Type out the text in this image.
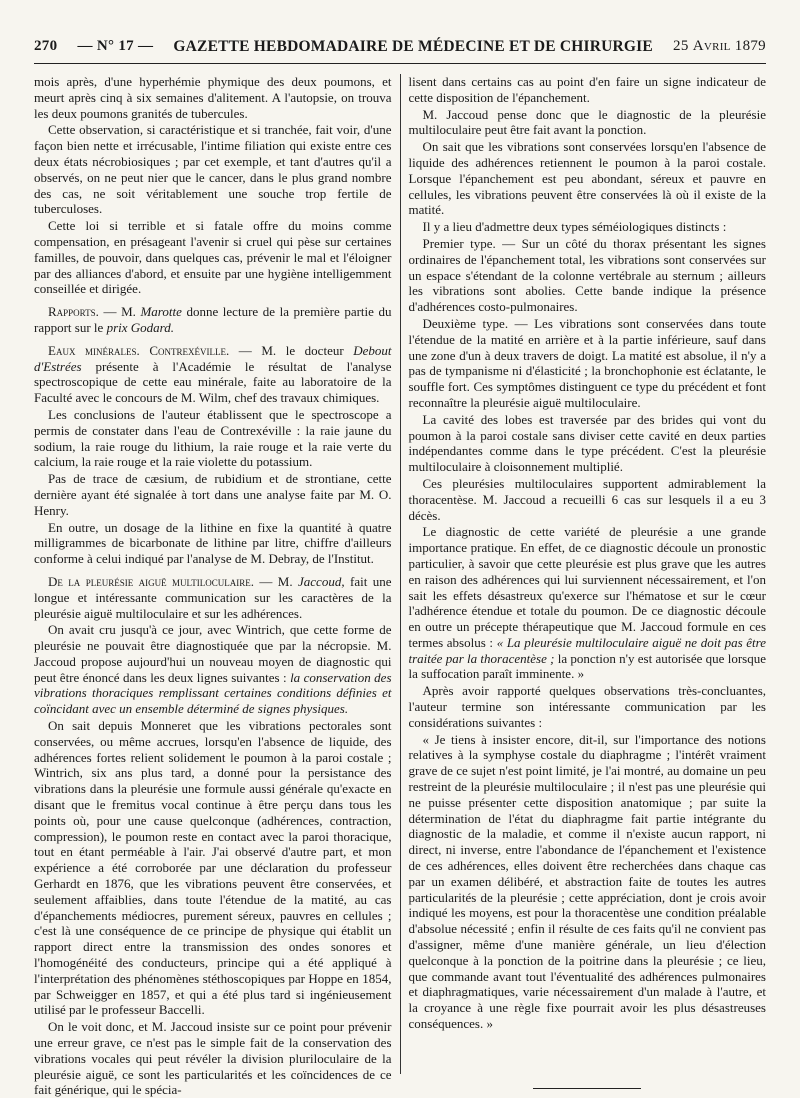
270 — N° 17 — GAZETTE HEBDOMADAIRE DE MÉDECINE ET DE CHIRURGIE 25 Avril 1879

mois après, d'une hyperhémie phymique des deux poumons, et meurt après cinq à six semaines d'alitement. A l'autopsie, on trouva les deux poumons granités de tubercules.

Cette observation, si caractéristique et si tranchée, fait voir, d'une façon bien nette et irrécusable, l'intime filiation qui existe entre ces deux états nécrobiosiques ; par cet exemple, et tant d'autres qu'il a observés, on ne peut nier que le cancer, dans le plus grand nombre des cas, ne soit véritablement une souche trop fertile de tuberculoses.

Cette loi si terrible et si fatale offre du moins comme compensation, en présageant l'avenir si cruel qui pèse sur certaines familles, de pouvoir, dans quelques cas, prévenir le mal et l'éloigner par des alliances d'abord, et ensuite par une hygiène intelligemment conseillée et dirigée.

Rapports. — M. Marotte donne lecture de la première partie du rapport sur le prix Godard.

Eaux minérales. Contrexéville. — M. le docteur Debout d'Estrées présente à l'Académie le résultat de l'analyse spectroscopique de cette eau minérale, faite au laboratoire de la Faculté avec le concours de M. Wilm, chef des travaux chimiques.

Les conclusions de l'auteur établissent que le spectroscope a permis de constater dans l'eau de Contrexéville : la raie jaune du sodium, la raie rouge du lithium, la raie rouge et la raie verte du calcium, la raie rouge et la raie violette du potassium.

Pas de trace de cæsium, de rubidium et de strontiane, cette dernière ayant été signalée à tort dans une analyse faite par M. O. Henry.

En outre, un dosage de la lithine en fixe la quantité à quatre milligrammes de bicarbonate de lithine par litre, chiffre d'ailleurs conforme à celui indiqué par l'analyse de M. Debray, de l'Institut.

De la pleurésie aiguë multiloculaire. — M. Jaccoud, fait une longue et intéressante communication sur les caractères de la pleurésie aiguë multiloculaire et sur les adhérences.

On avait cru jusqu'à ce jour, avec Wintrich, que cette forme de pleurésie ne pouvait être diagnostiquée que par la nécropsie. M. Jaccoud propose aujourd'hui un nouveau moyen de diagnostic qui peut être énoncé dans les deux lignes suivantes : la conservation des vibrations thoraciques remplissant certaines conditions définies et coïncidant avec un ensemble déterminé de signes physiques.

On sait depuis Monneret que les vibrations pectorales sont conservées, ou même accrues, lorsqu'en l'absence de liquide, des adhérences fortes relient solidement le poumon à la paroi costale ; Wintrich, six ans plus tard, a donné pour la persistance des vibrations dans la pleurésie une formule aussi générale qu'exacte en disant que le fremitus vocal continue à être perçu dans tous les points où, pour une cause quelconque (adhérences, contraction, compression), le poumon reste en contact avec la paroi thoracique, tout en étant perméable à l'air. J'ai observé d'autre part, et mon expérience a été corroborée par une déclaration du professeur Gerhardt en 1876, que les vibrations peuvent être conservées, et seulement affaiblies, dans toute l'étendue de la matité, au cas d'épanchements médiocres, purement séreux, pauvres en cellules ; c'est là une conséquence de ce principe de physique qui établit un rapport direct entre la transmission des ondes sonores et l'homogénéité des conducteurs, principe qui a été appliqué à l'interprétation des phénomènes stéthoscopiques par Hoppe en 1854, par Schweigger en 1857, et qui a été plus tard si ingénieusement utilisé par le professeur Baccelli.

On le voit donc, et M. Jaccoud insiste sur ce point pour prévenir une erreur grave, ce n'est pas le simple fait de la conservation des vibrations vocales qui peut révéler la division pluriloculaire de la pleurésie aiguë, ce sont les particularités et les coïncidences de ce fait générique, qui le spécia-

lisent dans certains cas au point d'en faire un signe indicateur de cette disposition de l'épanchement.

M. Jaccoud pense donc que le diagnostic de la pleurésie multiloculaire peut être fait avant la ponction.

On sait que les vibrations sont conservées lorsqu'en l'absence de liquide des adhérences retiennent le poumon à la paroi costale. Lorsque l'épanchement est peu abondant, séreux et pauvre en cellules, les vibrations peuvent être conservées là où il existe de la matité.

Il y a lieu d'admettre deux types séméiologiques distincts :

Premier type. — Sur un côté du thorax présentant les signes ordinaires de l'épanchement total, les vibrations sont conservées sur un espace s'étendant de la colonne vertébrale au sternum ; ailleurs les vibrations sont abolies. Cette bande indique la présence d'adhérences costo-pulmonaires.

Deuxième type. — Les vibrations sont conservées dans toute l'étendue de la matité en arrière et à la partie inférieure, sauf dans une zone d'un à deux travers de doigt. La matité est absolue, il n'y a pas de tympanisme ni d'élasticité ; la bronchophonie est éclatante, le souffle fort. Ces symptômes distinguent ce type du précédent et font reconnaître la pleurésie aiguë multiloculaire.

La cavité des lobes est traversée par des brides qui vont du poumon à la paroi costale sans diviser cette cavité en deux parties indépendantes comme dans le type précédent. C'est la pleurésie multiloculaire à cloisonnement multiplié.

Ces pleurésies multiloculaires supportent admirablement la thoracentèse. M. Jaccoud a recueilli 6 cas sur lesquels il a eu 3 décès.

Le diagnostic de cette variété de pleurésie a une grande importance pratique. En effet, de ce diagnostic découle un pronostic particulier, à savoir que cette pleurésie est plus grave que les autres en raison des adhérences qui lui surviennent nécessairement, et l'on sait les effets désastreux qu'exerce sur l'hématose et sur le cœur l'adhérence étendue et totale du poumon. De ce diagnostic découle en outre un précepte thérapeutique que M. Jaccoud formule en ces termes absolus : « La pleurésie multiloculaire aiguë ne doit pas être traitée par la thoracentèse ; la ponction n'y est autorisée que lorsque la suffocation paraît imminente. »

Après avoir rapporté quelques observations très-concluantes, l'auteur termine son intéressante communication par les considérations suivantes :

« Je tiens à insister encore, dit-il, sur l'importance des notions relatives à la symphyse costale du diaphragme ; l'intérêt vraiment grave de ce sujet n'est point limité, je l'ai montré, au domaine un peu restreint de la pleurésie multiloculaire ; il n'est pas une pleurésie qui ne puisse présenter cette disposition anatomique ; par suite la détermination de l'état du diaphragme fait partie intégrante du diagnostic de la maladie, et comme il n'existe aucun rapport, ni direct, ni inverse, entre l'abondance de l'épanchement et l'existence de ces adhérences, elles doivent être recherchées dans chaque cas par un examen délibéré, et abstraction faite de toutes les autres particularités de la pleurésie ; cette appréciation, dont je crois avoir indiqué les moyens, est pour la thoracentèse une condition préalable d'absolue nécessité ; enfin il résulte de ces faits qu'il ne convient pas d'assigner, même d'une manière générale, un lieu d'élection quelconque à la ponction de la poitrine dans la pleurésie ; ce lieu, que commande avant tout l'éventualité des adhérences pulmonaires et diaphragmatiques, varie nécessairement d'un malade à l'autre, et la croyance à une règle fixe pourrait avoir les plus désastreuses conséquences. »
